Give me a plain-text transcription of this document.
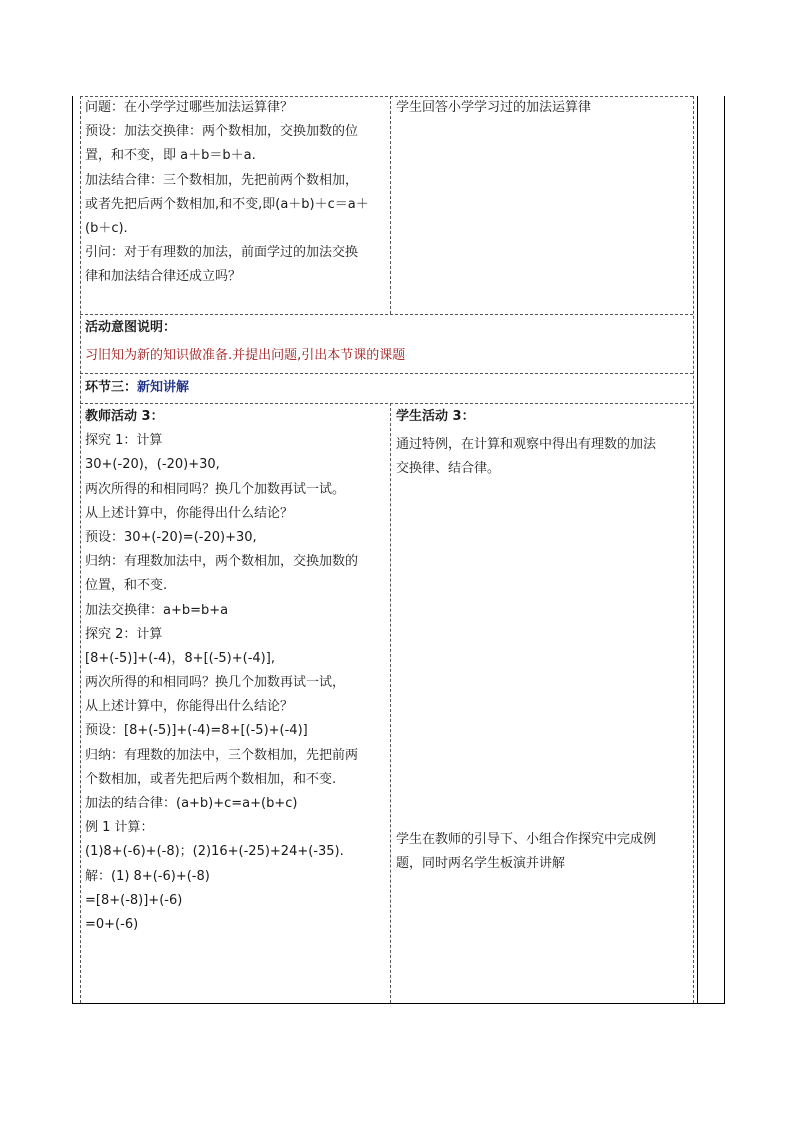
问题：在小学学过哪些加法运算律？
预设：加法交换律：两个数相加，交换加数的位
置，和不变，即 a＋b＝b＋a.
加法结合律：三个数相加，先把前两个数相加，
或者先把后两个数相加,和不变,即(a＋b)＋c＝a＋
(b＋c).
引问：对于有理数的加法，前面学过的加法交换
律和加法结合律还成立吗？
学生回答小学学习过的加法运算律
活动意图说明：
习旧知为新的知识做准备.并提出问题,引出本节课的课题
环节三：新知讲解
教师活动 3：
探究 1：计算
30+(-20)，(-20)+30,
两次所得的和相同吗？换几个加数再试一试。
从上述计算中，你能得出什么结论？
预设：30+(-20)=(-20)+30,
归纳：有理数加法中，两个数相加，交换加数的
位置，和不变.
加法交换律：a+b=b+a
探究 2：计算
[8+(-5)]+(-4)，8+[(-5)+(-4)],
两次所得的和相同吗？换几个加数再试一试，
从上述计算中，你能得出什么结论？
预设：[8+(-5)]+(-4)=8+[(-5)+(-4)]
归纳：有理数的加法中，三个数相加，先把前两
个数相加，或者先把后两个数相加，和不变.
加法的结合律：(a+b)+c=a+(b+c)
例 1 计算：
(1)8+(-6)+(-8)；(2)16+(-25)+24+(-35).
解：(1) 8+(-6)+(-8)
=[8+(-8)]+(-6)
=0+(-6)
学生活动 3：
通过特例，在计算和观察中得出有理数的加法
交换律、结合律。
学生在教师的引导下、小组合作探究中完成例
题，同时两名学生板演并讲解
